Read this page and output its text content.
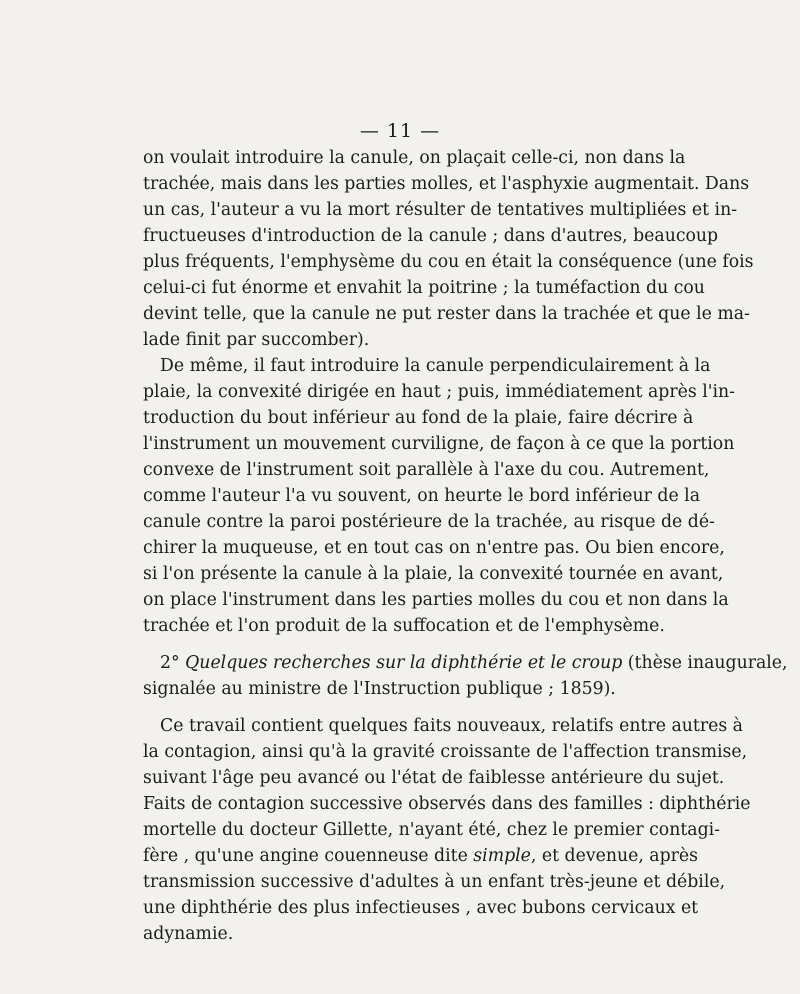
— 11 —
on voulait introduire la canule, on plaçait celle-ci, non dans la
trachée, mais dans les parties molles, et l'asphyxie augmentait. Dans
un cas, l'auteur a vu la mort résulter de tentatives multipliées et in-
fructueuses d'introduction de la canule ; dans d'autres, beaucoup
plus fréquents, l'emphysème du cou en était la conséquence (une fois
celui-ci fut énorme et envahit la poitrine ; la tuméfaction du cou
devint telle, que la canule ne put rester dans la trachée et que le ma-
lade finit par succomber).
De même, il faut introduire la canule perpendiculairement à la
plaie, la convexité dirigée en haut ; puis, immédiatement après l'in-
troduction du bout inférieur au fond de la plaie, faire décrire à
l'instrument un mouvement curviligne, de façon à ce que la portion
convexe de l'instrument soit parallèle à l'axe du cou. Autrement,
comme l'auteur l'a vu souvent, on heurte le bord inférieur de la
canule contre la paroi postérieure de la trachée, au risque de dé-
chirer la muqueuse, et en tout cas on n'entre pas. Ou bien encore,
si l'on présente la canule à la plaie, la convexité tournée en avant,
on place l'instrument dans les parties molles du cou et non dans la
trachée et l'on produit de la suffocation et de l'emphysème.
2° Quelques recherches sur la diphthérie et le croup (thèse inaugurale,
signalée au ministre de l'Instruction publique ; 1859).
Ce travail contient quelques faits nouveaux, relatifs entre autres à
la contagion, ainsi qu'à la gravité croissante de l'affection transmise,
suivant l'âge peu avancé ou l'état de faiblesse antérieure du sujet.
Faits de contagion successive observés dans des familles : diphthérie
mortelle du docteur Gillette, n'ayant été, chez le premier contagi-
fère , qu'une angine couenneuse dite simple, et devenue, après
transmission successive d'adultes à un enfant très-jeune et débile,
une diphthérie des plus infectieuses , avec bubons cervicaux et
adynamie.
